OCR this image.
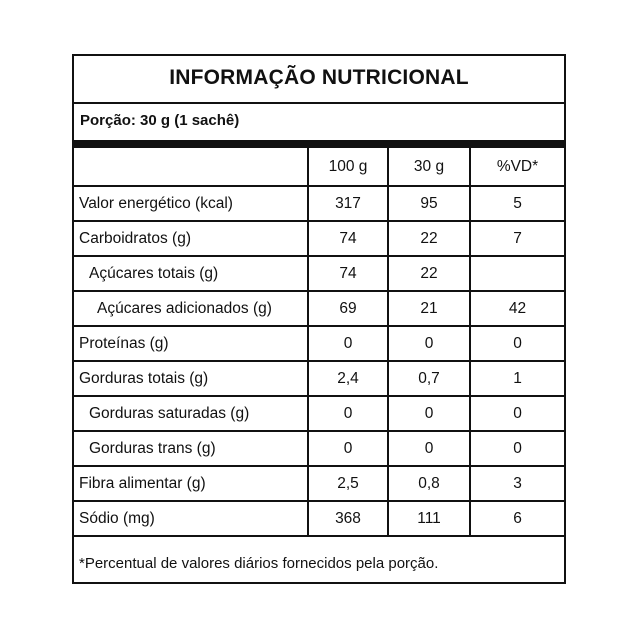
INFORMAÇÃO NUTRICIONAL
Porção: 30 g (1 sachê)
	100 g	30 g	%VD*
Valor energético (kcal)	317	95	5
Carboidratos (g)	74	22	7
Açúcares totais (g)	74	22	
Açúcares adicionados (g)	69	21	42
Proteínas (g)	0	0	0
Gorduras totais (g)	2,4	0,7	1
Gorduras saturadas (g)	0	0	0
Gorduras trans (g)	0	0	0
Fibra alimentar (g)	2,5	0,8	3
Sódio (mg)	368	111	6
*Percentual de valores diários fornecidos pela porção.
